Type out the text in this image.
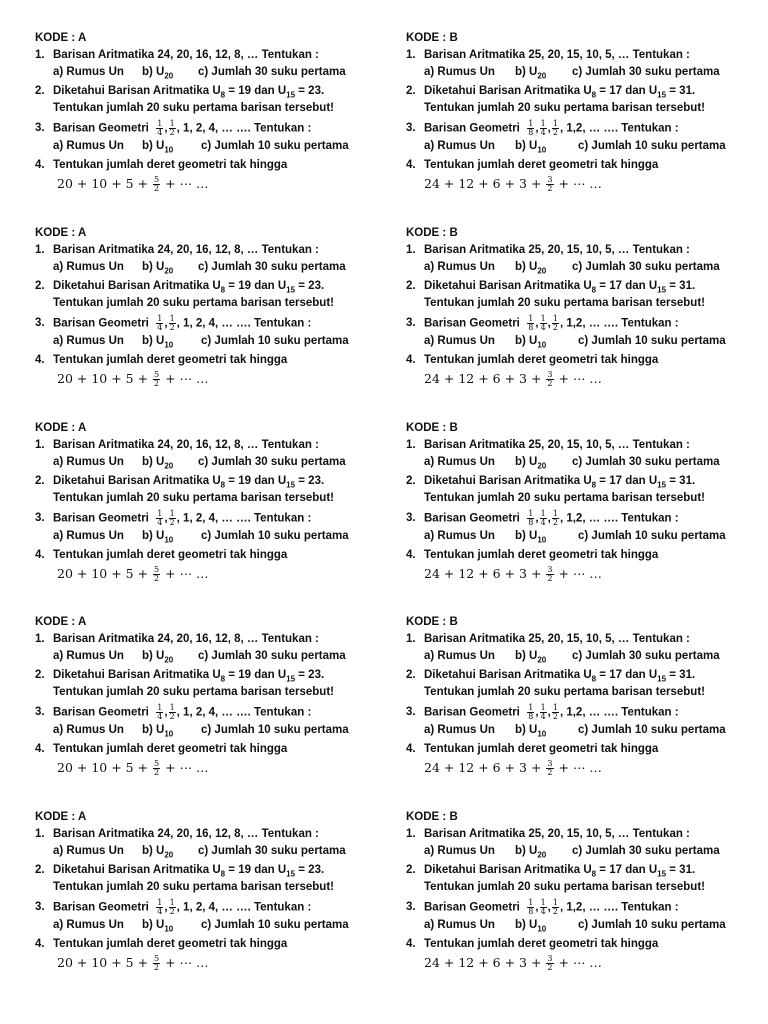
KODE : A
1. Barisan Aritmatika 24, 20, 16, 12, 8, … Tentukan :
a) Rumus Un	b) $U_{20}$ c) Jumlah 30 suku pertama
2. Diketahui Barisan Aritmatika $U_8 = 19$ dan $U_{15} = 23$.
Tentukan jumlah 20 suku pertama barisan tersebut!
3. Barisan Geometri $\frac{1}{4}$ , $\frac{1}{2}$ , 1, 2, 4, … …. Tentukan :
a) Rumus Un b) $U_{10}$ c) Jumlah 10 suku pertama
4. Tentukan jumlah deret geometri tak hingga
$20 + 10 + 5 + \frac{5}{2}$ + ⋯ …
KODE : B
1. Barisan Aritmatika 25, 20, 15, 10, 5, … Tentukan :
a) Rumus Un b) $U_{20}$ c) Jumlah 30 suku pertama
2. Diketahui Barisan Aritmatika $U_8 = 17$ dan $U_{15} = 31$.
Tentukan jumlah 20 suku pertama barisan tersebut!
3. Barisan Geometri $\frac{1}{8}$ , $\frac{1}{4}$ , $\frac{1}{2}$ , 1,2, … …. Tentukan :
a) Rumus Un b) $U_{10}$	c) Jumlah 10 suku pertama
4. Tentukan jumlah deret geometri tak hingga
$24 + 12 + 6 + 3 + \frac{3}{2}$ + ⋯ …
KODE : A
1. Barisan Aritmatika 24, 20, 16, 12, 8, … Tentukan :
a) Rumus Un	b) $U_{20}$ c) Jumlah 30 suku pertama
2. Diketahui Barisan Aritmatika $U_8 = 19$ dan $U_{15} = 23$.
Tentukan jumlah 20 suku pertama barisan tersebut!
3. Barisan Geometri $\frac{1}{4}$ , $\frac{1}{2}$ , 1, 2, 4, … …. Tentukan :
a) Rumus Un b) $U_{10}$ c) Jumlah 10 suku pertama
4. Tentukan jumlah deret geometri tak hingga
$20 + 10 + 5 + \frac{5}{2}$ + ⋯ …
KODE : B
1. Barisan Aritmatika 25, 20, 15, 10, 5, … Tentukan :
a) Rumus Un b) $U_{20}$ c) Jumlah 30 suku pertama
2. Diketahui Barisan Aritmatika $U_8 = 17$ dan $U_{15} = 31$.
Tentukan jumlah 20 suku pertama barisan tersebut!
3. Barisan Geometri $\frac{1}{8}$ , $\frac{1}{4}$ , $\frac{1}{2}$ , 1,2, … …. Tentukan :
a) Rumus Un b) $U_{10}$	c) Jumlah 10 suku pertama
4. Tentukan jumlah deret geometri tak hingga
$24 + 12 + 6 + 3 + \frac{3}{2}$ + ⋯ …
KODE : A
1. Barisan Aritmatika 24, 20, 16, 12, 8, … Tentukan :
a) Rumus Un	b) $U_{20}$ c) Jumlah 30 suku pertama
2. Diketahui Barisan Aritmatika $U_8 = 19$ dan $U_{15} = 23$.
Tentukan jumlah 20 suku pertama barisan tersebut!
3. Barisan Geometri $\frac{1}{4}$ , $\frac{1}{2}$ , 1, 2, 4, … …. Tentukan :
a) Rumus Un b) $U_{10}$ c) Jumlah 10 suku pertama
4. Tentukan jumlah deret geometri tak hingga
$20 + 10 + 5 + \frac{5}{2}$ + ⋯ …
KODE : B
1. Barisan Aritmatika 25, 20, 15, 10, 5, … Tentukan :
a) Rumus Un b) $U_{20}$ c) Jumlah 30 suku pertama
2. Diketahui Barisan Aritmatika $U_8 = 17$ dan $U_{15} = 31$.
Tentukan jumlah 20 suku pertama barisan tersebut!
3. Barisan Geometri $\frac{1}{8}$ , $\frac{1}{4}$ , $\frac{1}{2}$ , 1,2, … …. Tentukan :
a) Rumus Un b) $U_{10}$	c) Jumlah 10 suku pertama
4. Tentukan jumlah deret geometri tak hingga
$24 + 12 + 6 + 3 + \frac{3}{2}$ + ⋯ …
KODE : A
1. Barisan Aritmatika 24, 20, 16, 12, 8, … Tentukan :
a) Rumus Un	b) $U_{20}$ c) Jumlah 30 suku pertama
2. Diketahui Barisan Aritmatika $U_8 = 19$ dan $U_{15} = 23$.
Tentukan jumlah 20 suku pertama barisan tersebut!
3. Barisan Geometri $\frac{1}{4}$ , $\frac{1}{2}$ , 1, 2, 4, … …. Tentukan :
a) Rumus Un b) $U_{10}$ c) Jumlah 10 suku pertama
4. Tentukan jumlah deret geometri tak hingga
$20 + 10 + 5 + \frac{5}{2}$ + ⋯ …
KODE : B
1. Barisan Aritmatika 25, 20, 15, 10, 5, … Tentukan :
a) Rumus Un b) $U_{20}$ c) Jumlah 30 suku pertama
2. Diketahui Barisan Aritmatika $U_8 = 17$ dan $U_{15} = 31$.
Tentukan jumlah 20 suku pertama barisan tersebut!
3. Barisan Geometri $\frac{1}{8}$ , $\frac{1}{4}$ , $\frac{1}{2}$ , 1,2, … …. Tentukan :
a) Rumus Un b) $U_{10}$	c) Jumlah 10 suku pertama
4. Tentukan jumlah deret geometri tak hingga
$24 + 12 + 6 + 3 + \frac{3}{2}$ + ⋯ …
KODE : A
1. Barisan Aritmatika 24, 20, 16, 12, 8, … Tentukan :
a) Rumus Un	b) $U_{20}$ c) Jumlah 30 suku pertama
2. Diketahui Barisan Aritmatika $U_8 = 19$ dan $U_{15} = 23$.
Tentukan jumlah 20 suku pertama barisan tersebut!
3. Barisan Geometri $\frac{1}{4}$ , $\frac{1}{2}$ , 1, 2, 4, … …. Tentukan :
a) Rumus Un b) $U_{10}$ c) Jumlah 10 suku pertama
4. Tentukan jumlah deret geometri tak hingga
$20 + 10 + 5 + \frac{5}{2}$ + ⋯ …
KODE : B
1. Barisan Aritmatika 25, 20, 15, 10, 5, … Tentukan :
a) Rumus Un b) $U_{20}$ c) Jumlah 30 suku pertama
2. Diketahui Barisan Aritmatika $U_8 = 17$ dan $U_{15} = 31$.
Tentukan jumlah 20 suku pertama barisan tersebut!
3. Barisan Geometri $\frac{1}{8}$ , $\frac{1}{4}$ , $\frac{1}{2}$ , 1,2, … …. Tentukan :
a) Rumus Un b) $U_{10}$	c) Jumlah 10 suku pertama
4. Tentukan jumlah deret geometri tak hingga
$24 + 12 + 6 + 3 + \frac{3}{2}$ + ⋯ …
